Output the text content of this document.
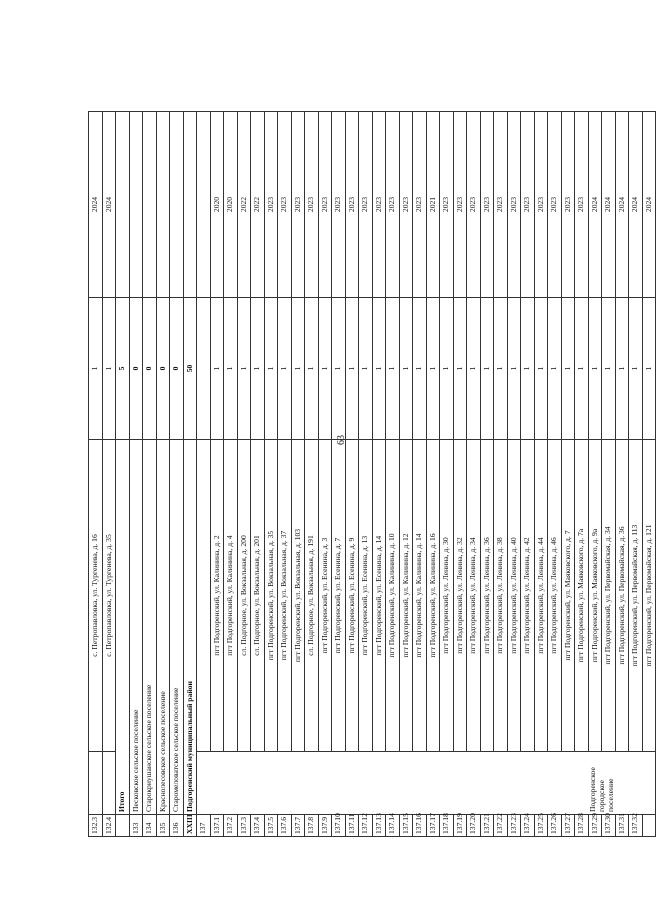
63
132.3		с. Петропавловка, ул. Тургенева, д. 16	1	2024
132.4		с. Петропавловка, ул. Тургенева, д. 35	1	2024
	Итого		5	
133	Песковское сельское поселение		0	
134	Старокриушанское сельское поселение		0	
135	Краснолесовское сельское поселение		0	
136	Старомеловатское сельское поселение		0	
XXIII	Подгоренский муниципальный район		50	
137	Подгоренское городское поселение			
137.1		пгт Подгоренский, ул. Калинина, д. 2	1	2020
137.2		пгт Подгоренский, ул. Калинина, д. 4	1	2020
137.3		сл. Подгорное, ул. Вокзальная, д. 200	1	2022
137.4		сл. Подгорное, ул. Вокзальная, д. 201	1	2022
137.5		пгт Подгоренский, ул. Вокзальная, д. 35	1	2023
137.6		пгт Подгоренский, ул. Вокзальная, д. 37	1	2023
137.7		пгт Подгоренский, ул. Вокзальная, д. 103	1	2023
137.8		сл. Подгорное, ул. Вокзальная, д. 191	1	2023
137.9		пгт Подгоренский, ул. Есенина, д. 3	1	2023
137.10		пгт Подгоренский, ул. Есенина, д. 7	1	2023
137.11		пгт Подгоренский, ул. Есенина, д. 9	1	2023
137.12		пгт Подгоренский, ул. Есенина, д. 13	1	2023
137.13		пгт Подгоренский, ул. Есенина, д. 14	1	2023
137.14		пгт Подгоренский, ул. Калинина, д. 10	1	2023
137.15		пгт Подгоренский, ул. Калинина, д. 12	1	2023
137.16		пгт Подгоренский, ул. Калинина, д. 14	1	2023
137.17		пгт Подгоренский, ул. Калинина, д. 16	1	2021
137.18		пгт Подгоренский, ул. Ленина, д. 30	1	2023
137.19		пгт Подгоренский, ул. Ленина, д. 32	1	2023
137.20		пгт Подгоренский, ул. Ленина, д. 34	1	2023
137.21		пгт Подгоренский, ул. Ленина, д. 36	1	2023
137.22		пгт Подгоренский, ул. Ленина, д. 38	1	2023
137.23		пгт Подгоренский, ул. Ленина, д. 40	1	2023
137.24		пгт Подгоренский, ул. Ленина, д. 42	1	2023
137.25		пгт Подгоренский, ул. Ленина, д. 44	1	2023
137.26		пгт Подгоренский, ул. Ленина, д. 46	1	2023
137.27		пгт Подгоренский, ул. Маяковского, д. 7	1	2023
137.28		пгт Подгоренский, ул. Маяковского, д. 7а	1	2023
137.29		пгт Подгоренский, ул. Маяковского, д. 9а	1	2024
137.30		пгт Подгоренский, ул. Первомайская, д. 34	1	2024
137.31		пгт Подгоренский, ул. Первомайская, д. 36	1	2024
137.32		пгт Подгоренский, ул. Первомайская, д. 113	1	2024
		пгт Подгоренский, ул. Первомайская, д. 121	1	2024
